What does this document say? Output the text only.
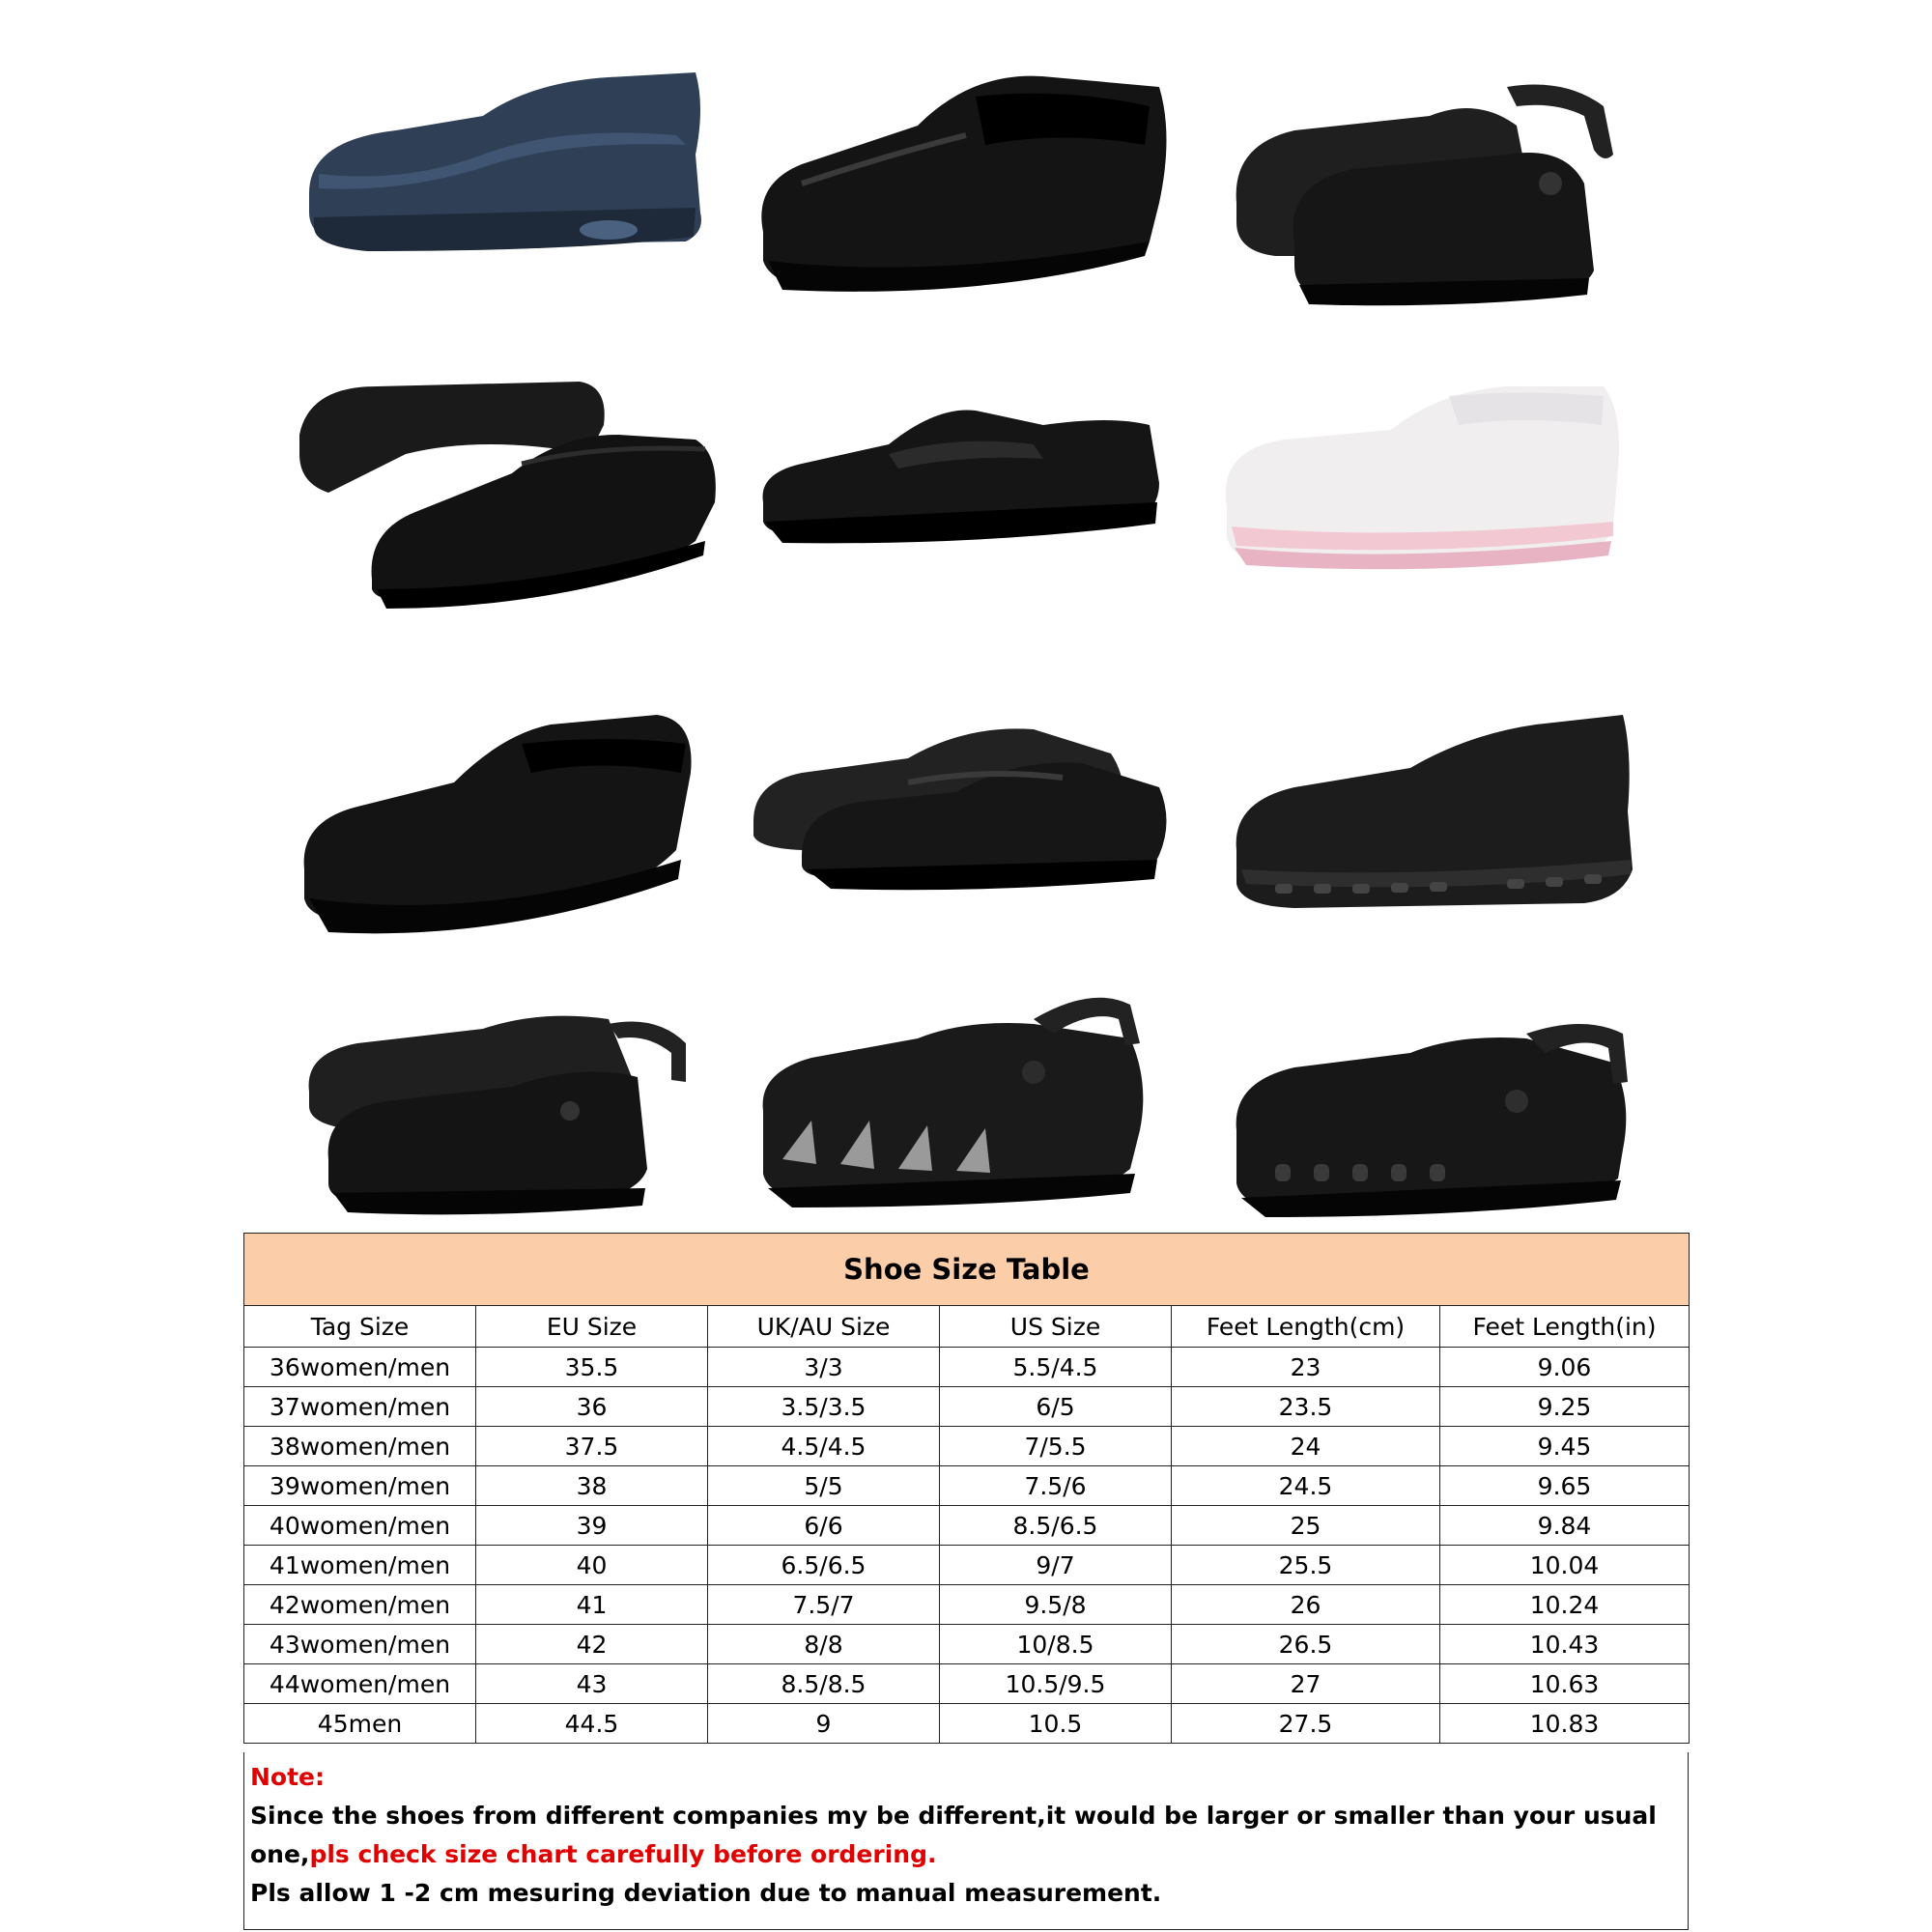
Shoe Size Table					
Tag Size	EU Size	UK/AU Size	US Size	Feet Length(cm)	Feet Length(in)
36women/men	35.5	3/3	5.5/4.5	23	9.06
37women/men	36	3.5/3.5	6/5	23.5	9.25
38women/men	37.5	4.5/4.5	7/5.5	24	9.45
39women/men	38	5/5	7.5/6	24.5	9.65
40women/men	39	6/6	8.5/6.5	25	9.84
41women/men	40	6.5/6.5	9/7	25.5	10.04
42women/men	41	7.5/7	9.5/8	26	10.24
43women/men	42	8/8	10/8.5	26.5	10.43
44women/men	43	8.5/8.5	10.5/9.5	27	10.63
45men	44.5	9	10.5	27.5	10.83
Note:
Since the shoes from different companies my be different,it would be larger or smaller than your usual one,pls check size chart carefully before ordering.
Pls allow 1 -2 cm mesuring deviation due to manual measurement.
